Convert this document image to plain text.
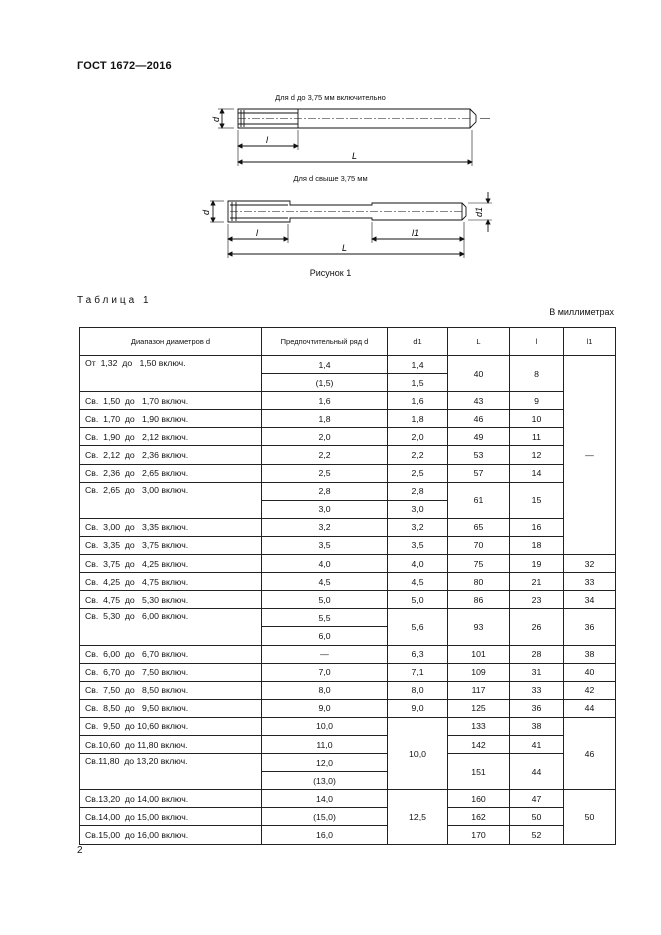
ГОСТ 1672—2016
Для d до 3,75 мм включительно
Для d свыше 3,75 мм
d
l
L
d	d1
l	l1
L
Рисунок 1
Таблица 1
В миллиметрах
Диапазон диаметров d	Предпочтительный ряд d	d1	L	l	l1
От  1,32  до   1,50 включ.	1,4	1,4	40	8	—
	(1,5)	1,5			
Св.  1,50  до   1,70 включ.	1,6	1,6	43	9	
Св.  1,70  до   1,90 включ.	1,8	1,8	46	10	
Св.  1,90  до   2,12 включ.	2,0	2,0	49	11	
Св.  2,12  до   2,36 включ.	2,2	2,2	53	12	
Св.  2,36  до   2,65 включ.	2,5	2,5	57	14	
Св.  2,65  до   3,00 включ.	2,8	2,8	61	15	
	3,0	3,0			
Св.  3,00  до   3,35 включ.	3,2	3,2	65	16	
Св.  3,35  до   3,75 включ.	3,5	3,5	70	18	
Св.  3,75  до   4,25 включ.	4,0	4,0	75	19	32
Св.  4,25  до   4,75 включ.	4,5	4,5	80	21	33
Св.  4,75  до   5,30 включ.	5,0	5,0	86	23	34
Св.  5,30  до   6,00 включ.	5,5	5,6	93	26	36
	6,0				
Св.  6,00  до   6,70 включ.	—	6,3	101	28	38
Св.  6,70  до   7,50 включ.	7,0	7,1	109	31	40
Св.  7,50  до   8,50 включ.	8,0	8,0	117	33	42
Св.  8,50  до   9,50 включ.	9,0	9,0	125	36	44
Св.  9,50  до 10,60 включ.	10,0	10,0	133	38	46
Св.10,60  до 11,80 включ.	11,0		142	41	
Св.11,80  до 13,20 включ.	12,0		151	44	
	(13,0)				
Св.13,20  до 14,00 включ.	14,0	12,5	160	47	50
Св.14,00  до 15,00 включ.	(15,0)		162	50	
Св.15,00  до 16,00 включ.	16,0		170	52	
2
